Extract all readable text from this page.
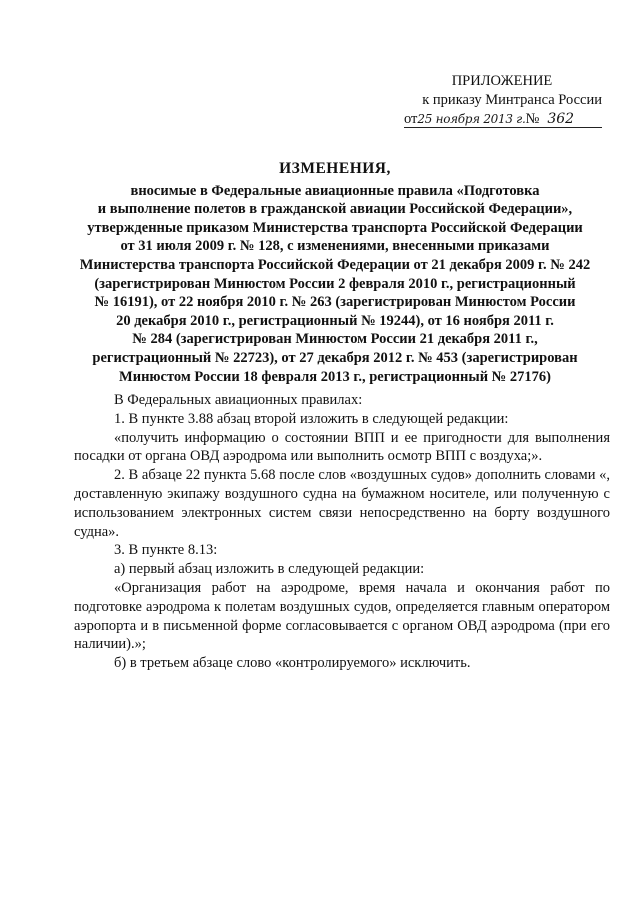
ПРИЛОЖЕНИЕ
к приказу Минтранса России
от25 ноября 2013 г.№ 362
ИЗМЕНЕНИЯ,
вносимые в Федеральные авиационные правила «Подготовка
и выполнение полетов в гражданской авиации Российской Федерации»,
утвержденные приказом Министерства транспорта Российской Федерации
от 31 июля 2009 г. № 128, с изменениями, внесенными приказами
Министерства транспорта Российской Федерации от 21 декабря 2009 г. № 242
(зарегистрирован Минюстом России 2 февраля 2010 г., регистрационный
№ 16191), от 22 ноября 2010 г. № 263 (зарегистрирован Минюстом России
20 декабря 2010 г., регистрационный № 19244), от 16 ноября 2011 г.
№ 284 (зарегистрирован Минюстом России 21 декабря 2011 г.,
регистрационный № 22723), от 27 декабря 2012 г. № 453 (зарегистрирован
Минюстом России 18 февраля 2013 г., регистрационный № 27176)

В Федеральных авиационных правилах:

1. В пункте 3.88 абзац второй изложить в следующей редакции:

«получить информацию о состоянии ВПП и ее пригодности для выполнения посадки от органа ОВД аэродрома или выполнить осмотр ВПП с воздуха;».

2. В абзаце 22 пункта 5.68 после слов «воздушных судов» дополнить словами «, доставленную экипажу воздушного судна на бумажном носителе, или полученную с использованием электронных систем связи непосредственно на борту воздушного судна».

3. В пункте 8.13:

а) первый абзац изложить в следующей редакции:

«Организация работ на аэродроме, время начала и окончания работ по подготовке аэродрома к полетам воздушных судов, определяется главным оператором аэропорта и в письменной форме согласовывается с органом ОВД аэродрома (при его наличии).»;

б) в третьем абзаце слово «контролируемого» исключить.
